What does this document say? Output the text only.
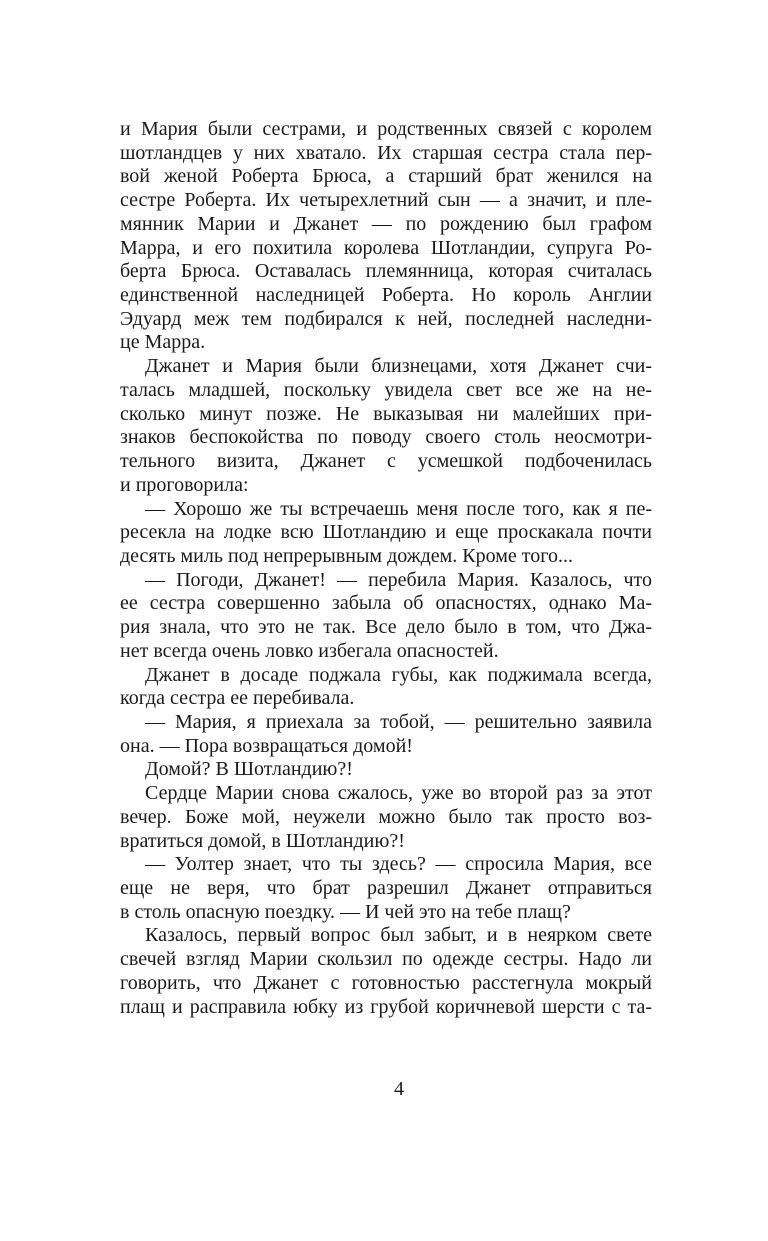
и Мария были сестрами, и родственных связей с королем
шотландцев у них хватало. Их старшая сестра стала пер-
вой женой Роберта Брюса, а старший брат женился на
сестре Роберта. Их четырехлетний сын — а значит, и пле-
мянник Марии и Джанет — по рождению был графом
Марра, и его похитила королева Шотландии, супруга Ро-
берта Брюса. Оставалась племянница, которая считалась
единственной наследницей Роберта. Но король Англии
Эдуард меж тем подбирался к ней, последней наследни-
це Марра.
Джанет и Мария были близнецами, хотя Джанет счи-
талась младшей, поскольку увидела свет все же на не-
сколько минут позже. Не выказывая ни малейших при-
знаков беспокойства по поводу своего столь неосмотри-
тельного визита, Джанет с усмешкой подбоченилась
и проговорила:
— Хорошо же ты встречаешь меня после того, как я пе-
ресекла на лодке всю Шотландию и еще проскакала почти
десять миль под непрерывным дождем. Кроме того...
— Погоди, Джанет! — перебила Мария. Казалось, что
ее сестра совершенно забыла об опасностях, однако Ма-
рия знала, что это не так. Все дело было в том, что Джа-
нет всегда очень ловко избегала опасностей.
Джанет в досаде поджала губы, как поджимала всегда,
когда сестра ее перебивала.
— Мария, я приехала за тобой, — решительно заявила
она. — Пора возвращаться домой!
Домой? В Шотландию?!
Сердце Марии снова сжалось, уже во второй раз за этот
вечер. Боже мой, неужели можно было так просто воз-
вратиться домой, в Шотландию?!
— Уолтер знает, что ты здесь? — спросила Мария, все
еще не веря, что брат разрешил Джанет отправиться
в столь опасную поездку. — И чей это на тебе плащ?
Казалось, первый вопрос был забыт, и в неярком свете
свечей взгляд Марии скользил по одежде сестры. Надо ли
говорить, что Джанет с готовностью расстегнула мокрый
плащ и расправила юбку из грубой коричневой шерсти с та-
4
